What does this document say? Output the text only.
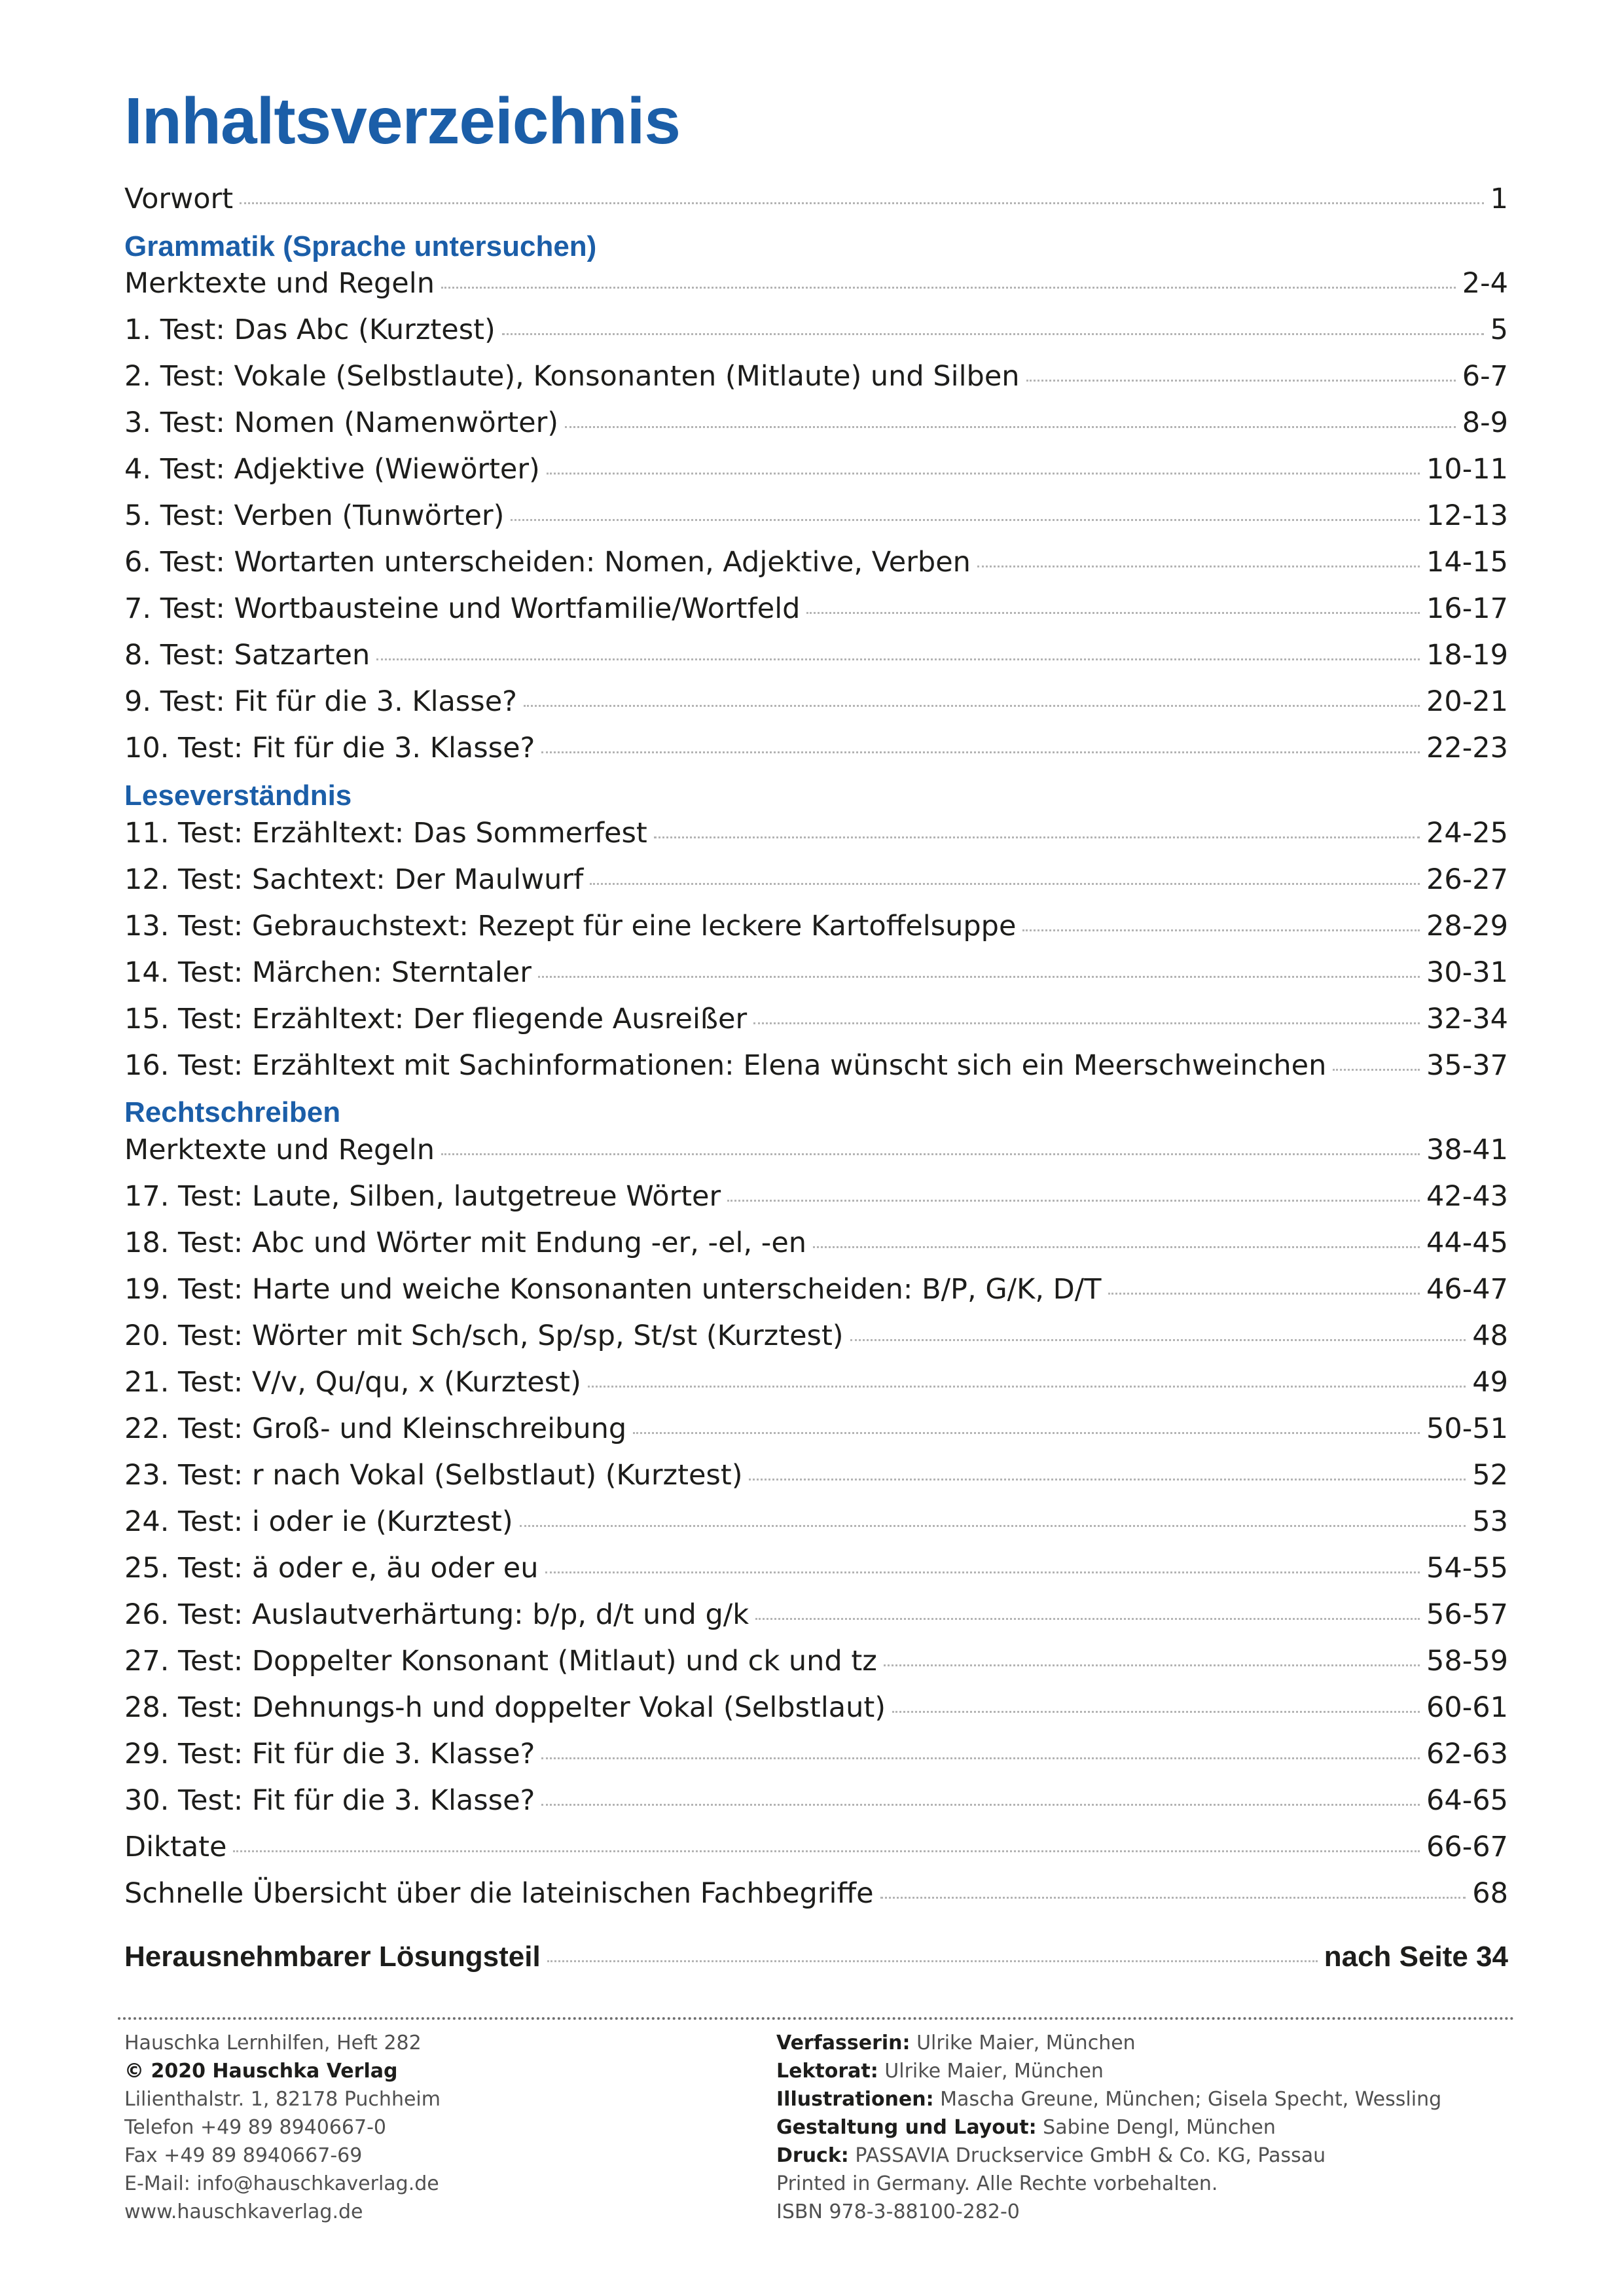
Inhaltsverzeichnis
Vorwort	1
Grammatik (Sprache untersuchen)
Merktexte und Regeln	2-4
1. Test: Das Abc (Kurztest)	5
2. Test: Vokale (Selbstlaute), Konsonanten (Mitlaute) und Silben	6-7
3. Test: Nomen (Namenwörter)	8-9
4. Test: Adjektive (Wiewörter)	10-11
5. Test: Verben (Tunwörter)	12-13
6. Test: Wortarten unterscheiden: Nomen, Adjektive, Verben	14-15
7. Test: Wortbausteine und Wortfamilie/Wortfeld	16-17
8. Test: Satzarten	18-19
9. Test: Fit für die 3. Klasse?	20-21
10. Test: Fit für die 3. Klasse?	22-23
Leseverständnis
11. Test: Erzähltext: Das Sommerfest	24-25
12. Test: Sachtext: Der Maulwurf	26-27
13. Test: Gebrauchstext: Rezept für eine leckere Kartoffelsuppe	28-29
14. Test: Märchen: Sterntaler	30-31
15. Test: Erzähltext: Der fliegende Ausreißer	32-34
16. Test: Erzähltext mit Sachinformationen: Elena wünscht sich ein Meerschweinchen	35-37
Rechtschreiben
Merktexte und Regeln	38-41
17. Test: Laute, Silben, lautgetreue Wörter	42-43
18. Test: Abc und Wörter mit Endung -er, -el, -en	44-45
19. Test: Harte und weiche Konsonanten unterscheiden: B/P, G/K, D/T	46-47
20. Test: Wörter mit Sch/sch, Sp/sp, St/st (Kurztest)	48
21. Test: V/v, Qu/qu, x (Kurztest)	49
22. Test: Groß- und Kleinschreibung	50-51
23. Test: r nach Vokal (Selbstlaut) (Kurztest)	52
24. Test: i oder ie (Kurztest)	53
25. Test: ä oder e, äu oder eu	54-55
26. Test: Auslautverhärtung: b/p, d/t und g/k	56-57
27. Test: Doppelter Konsonant (Mitlaut) und ck und tz	58-59
28. Test: Dehnungs-h und doppelter Vokal (Selbstlaut)	60-61
29. Test: Fit für die 3. Klasse?	62-63
30. Test: Fit für die 3. Klasse?	64-65
Diktate	66-67
Schnelle Übersicht über die lateinischen Fachbegriffe	68
Herausnehmbarer Lösungsteil	nach Seite 34
Hauschka Lernhilfen, Heft 282
© 2020 Hauschka Verlag
Lilienthalstr. 1, 82178 Puchheim
Telefon +49 89 8940667-0
Fax +49 89 8940667-69
E-Mail: info@hauschkaverlag.de
www.hauschkaverlag.de
Verfasserin: Ulrike Maier, München
Lektorat: Ulrike Maier, München
Illustrationen: Mascha Greune, München; Gisela Specht, Wessling
Gestaltung und Layout: Sabine Dengl, München
Druck: PASSAVIA Druckservice GmbH & Co. KG, Passau
Printed in Germany. Alle Rechte vorbehalten.
ISBN 978-3-88100-282-0
